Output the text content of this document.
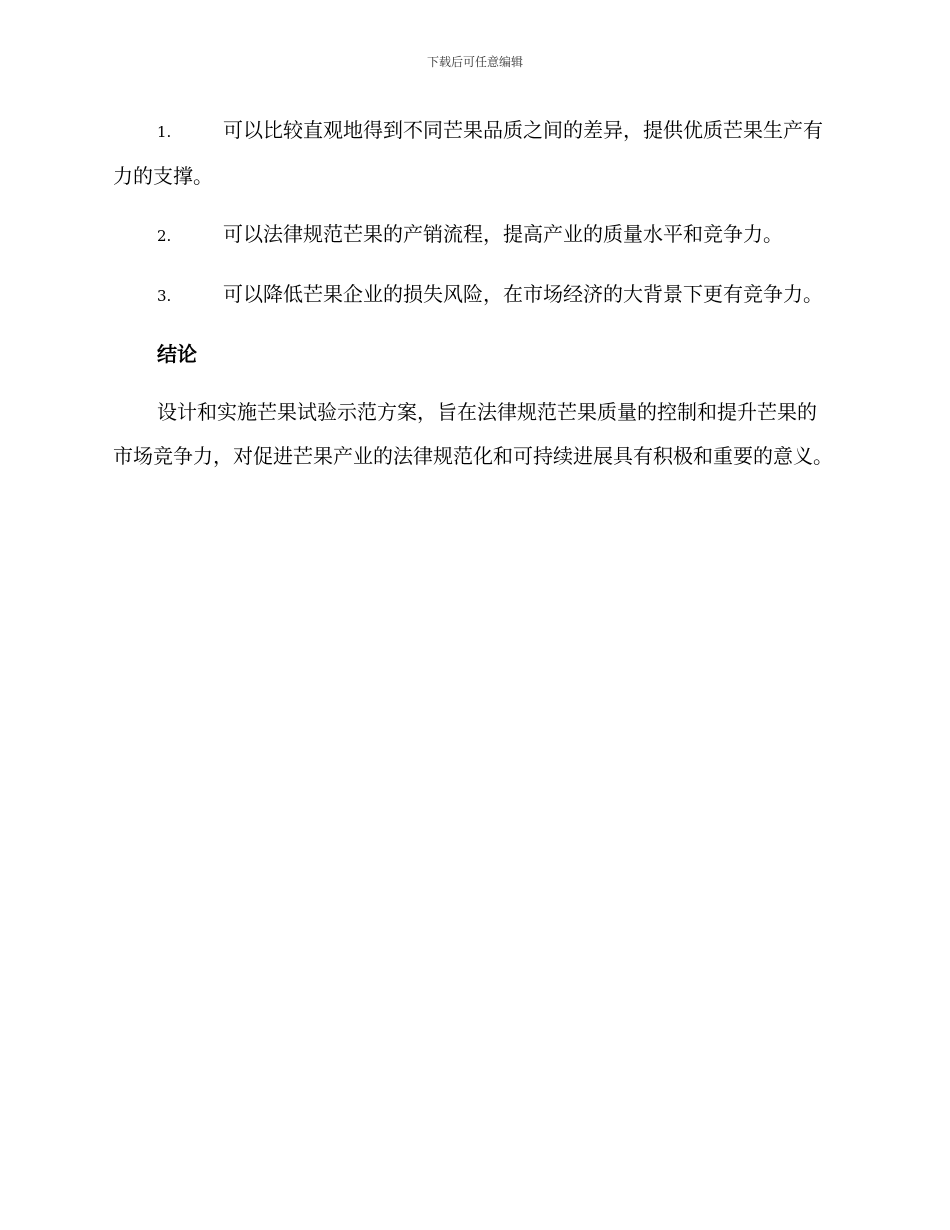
下载后可任意编辑

1.	可以比较直观地得到不同芒果品质之间的差异，提供优质芒果生产有力的支撑。

2.	可以法律规范芒果的产销流程，提高产业的质量水平和竞争力。

3.	可以降低芒果企业的损失风险，在市场经济的大背景下更有竞争力。

结论

设计和实施芒果试验示范方案，旨在法律规范芒果质量的控制和提升芒果的市场竞争力，对促进芒果产业的法律规范化和可持续进展具有积极和重要的意义。
